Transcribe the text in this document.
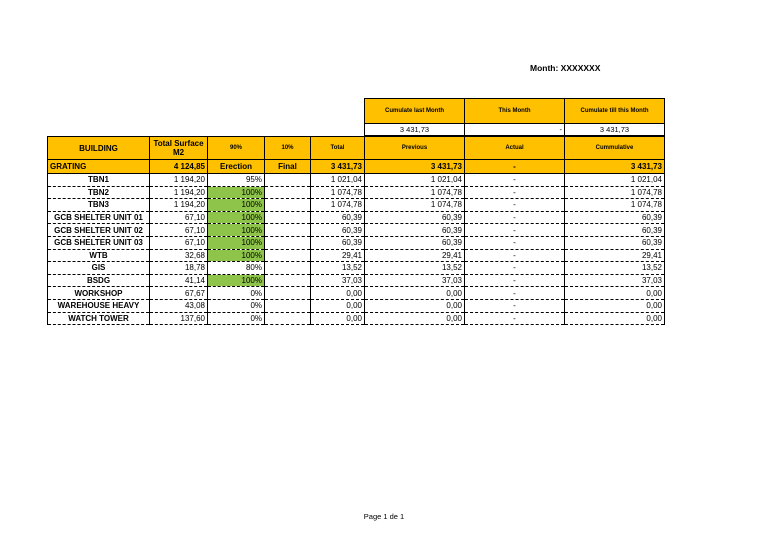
Month: XXXXXXX
Cumulate last Month	This Month	Cumulate till this Month
3 431,73	-	3 431,73
BUILDING	Total Surface M2	90%	10%	Total	Previous	Actual	Cummulative
GRATING	4 124,85	Erection	Final	3 431,73	3 431,73	-	3 431,73
TBN1	1 194,20	95%		1 021,04	1 021,04	-	1 021,04
TBN2	1 194,20	100%		1 074,78	1 074,78	-	1 074,78
TBN3	1 194,20	100%		1 074,78	1 074,78	-	1 074,78
GCB SHELTER UNIT 01	67,10	100%		60,39	60,39	-	60,39
GCB SHELTER UNIT 02	67,10	100%		60,39	60,39	-	60,39
GCB SHELTER UNIT 03	67,10	100%		60,39	60,39	-	60,39
WTB	32,68	100%		29,41	29,41	-	29,41
GIS	18,78	80%		13,52	13,52	-	13,52
BSDG	41,14	100%		37,03	37,03	-	37,03
WORKSHOP	67,67	0%		0,00	0,00	-	0,00
WAREHOUSE HEAVY	43,08	0%		0,00	0,00	-	0,00
WATCH TOWER	137,60	0%		0,00	0,00	-	0,00
Page 1 de 1
